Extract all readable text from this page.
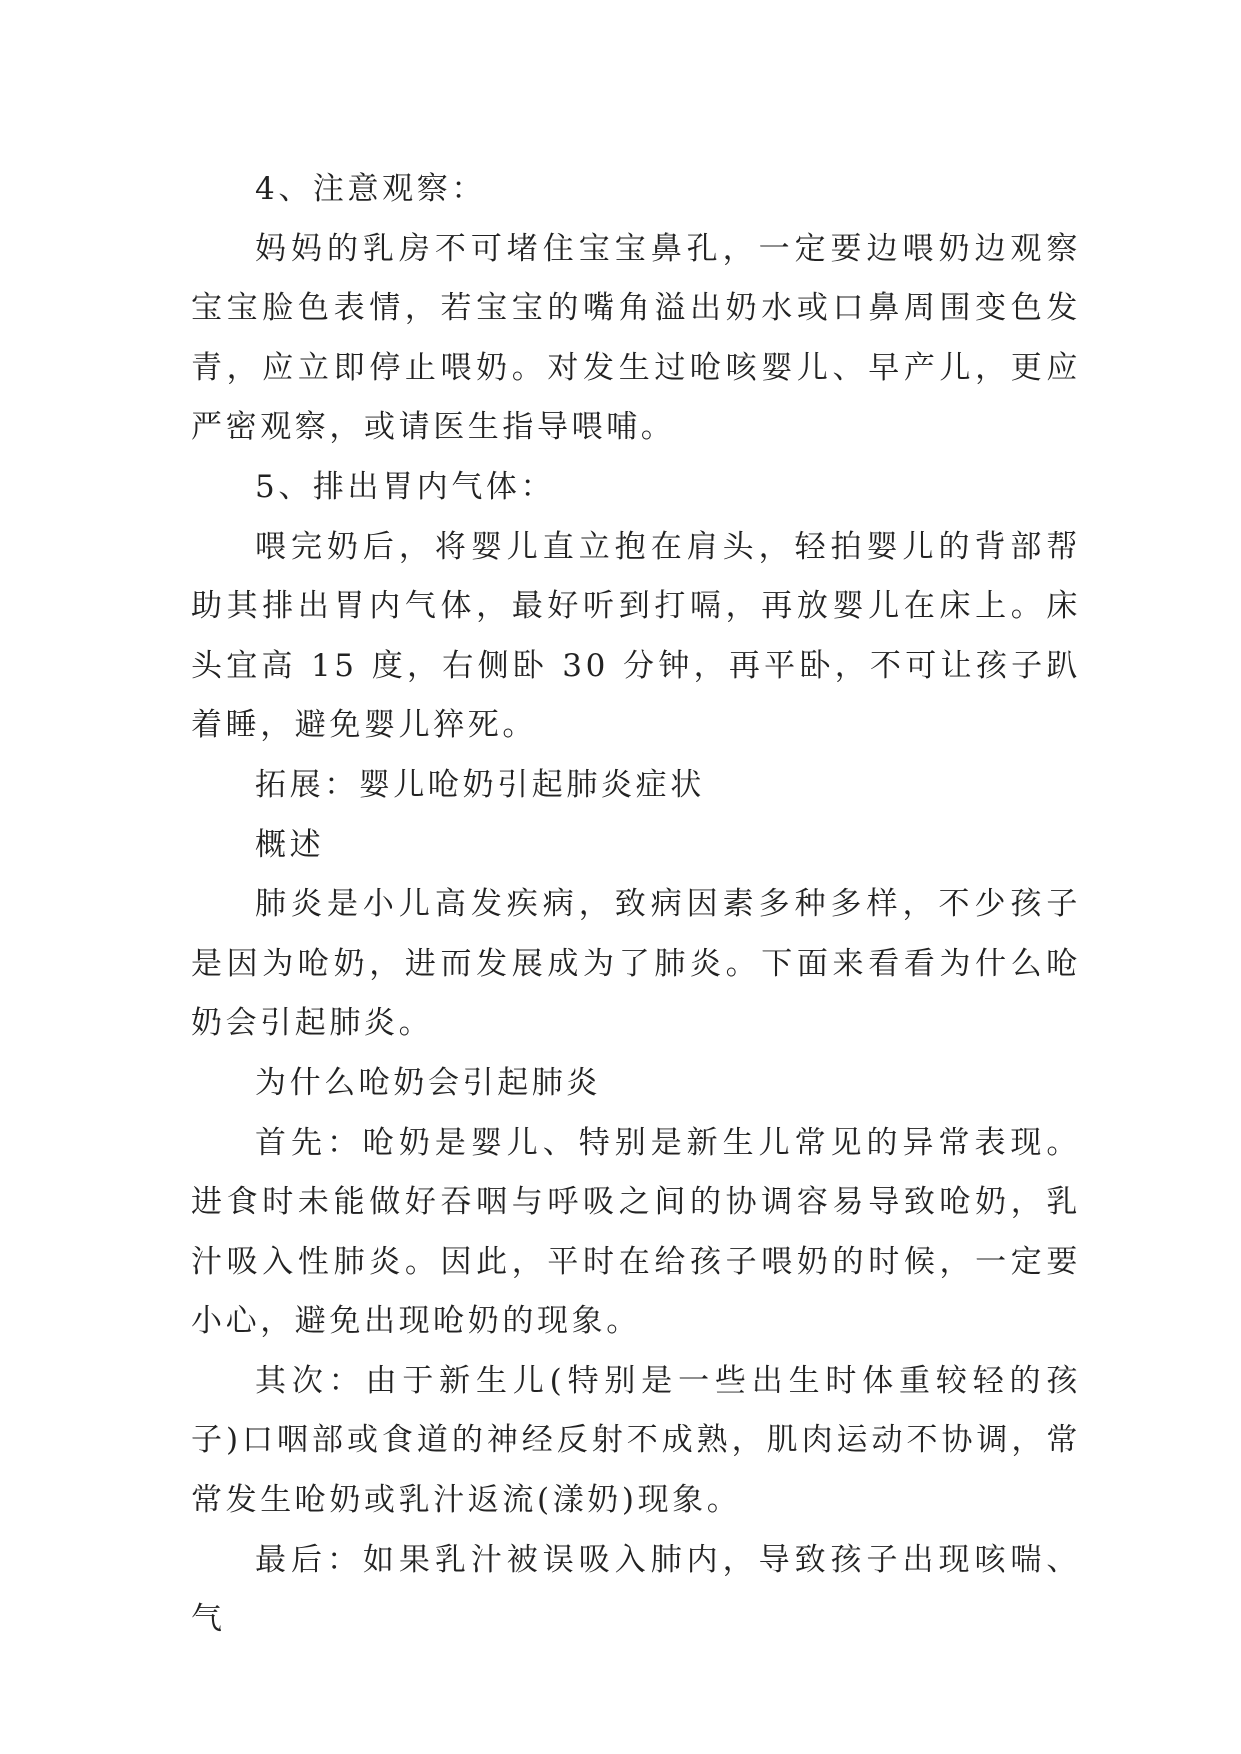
4、注意观察：

妈妈的乳房不可堵住宝宝鼻孔，一定要边喂奶边观察宝宝脸色表情，若宝宝的嘴角溢出奶水或口鼻周围变色发青，应立即停止喂奶。对发生过呛咳婴儿、早产儿，更应严密观察，或请医生指导喂哺。

5、排出胃内气体：

喂完奶后，将婴儿直立抱在肩头，轻拍婴儿的背部帮助其排出胃内气体，最好听到打嗝，再放婴儿在床上。床头宜高 15 度，右侧卧 30 分钟，再平卧，不可让孩子趴着睡，避免婴儿猝死。

拓展：婴儿呛奶引起肺炎症状

概述

肺炎是小儿高发疾病，致病因素多种多样，不少孩子是因为呛奶，进而发展成为了肺炎。下面来看看为什么呛奶会引起肺炎。

为什么呛奶会引起肺炎

首先：呛奶是婴儿、特别是新生儿常见的异常表现。进食时未能做好吞咽与呼吸之间的协调容易导致呛奶，乳汁吸入性肺炎。因此，平时在给孩子喂奶的时候，一定要小心，避免出现呛奶的现象。

其次：由于新生儿(特别是一些出生时体重较轻的孩子)口咽部或食道的神经反射不成熟，肌肉运动不协调，常常发生呛奶或乳汁返流(漾奶)现象。

最后：如果乳汁被误吸入肺内，导致孩子出现咳喘、气
